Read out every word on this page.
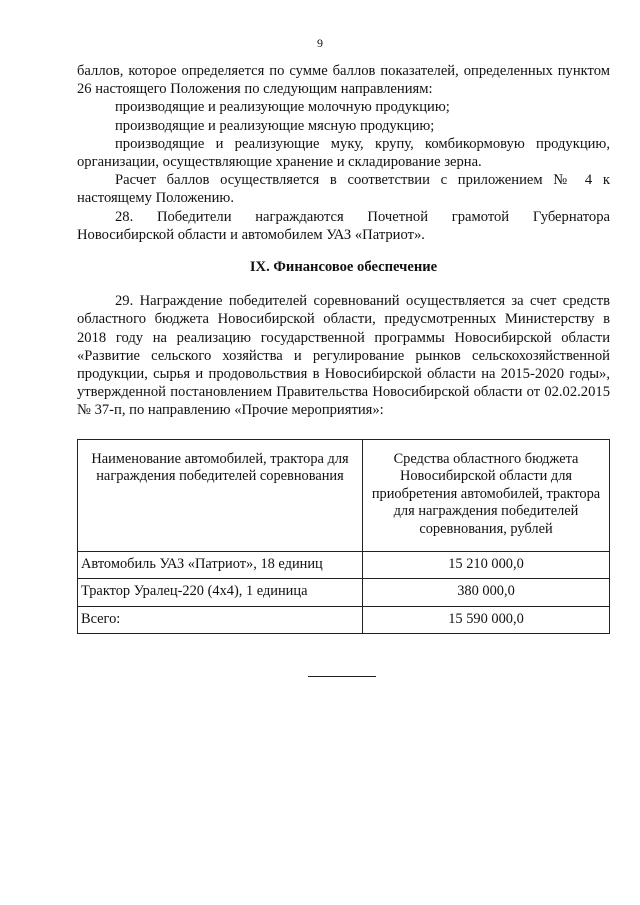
9

баллов, которое определяется по сумме баллов показателей, определенных пунктом 26 настоящего Положения по следующим направлениям:

производящие и реализующие молочную продукцию;

производящие и реализующие мясную продукцию;

производящие и реализующие муку, крупу, комбикормовую продукцию, организации, осуществляющие хранение и складирование зерна.

Расчет баллов осуществляется в соответствии с приложением № 4 к настоящему Положению.

28. Победители награждаются Почетной грамотой Губернатора Новосибирской области и автомобилем УАЗ «Патриот».

IX. Финансовое обеспечение

29. Награждение победителей соревнований осуществляется за счет средств областного бюджета Новосибирской области, предусмотренных Министерству в 2018 году на реализацию государственной программы Новосибирской области «Развитие сельского хозяйства и регулирование рынков сельскохозяйственной продукции, сырья и продовольствия в Новосибирской области на 2015-2020 годы», утвержденной постановлением Правительства Новосибирской области от 02.02.2015 № 37-п, по направлению «Прочие мероприятия»:

Наименование автомобилей, трактора для награждения победителей соревнования	Средства областного бюджета Новосибирской области для приобретения автомобилей, трактора для награждения победителей соревнования, рублей
Автомобиль УАЗ «Патриот», 18 единиц	15 210 000,0
Трактор Уралец-220 (4х4), 1 единица	380 000,0
Всего:	15 590 000,0
